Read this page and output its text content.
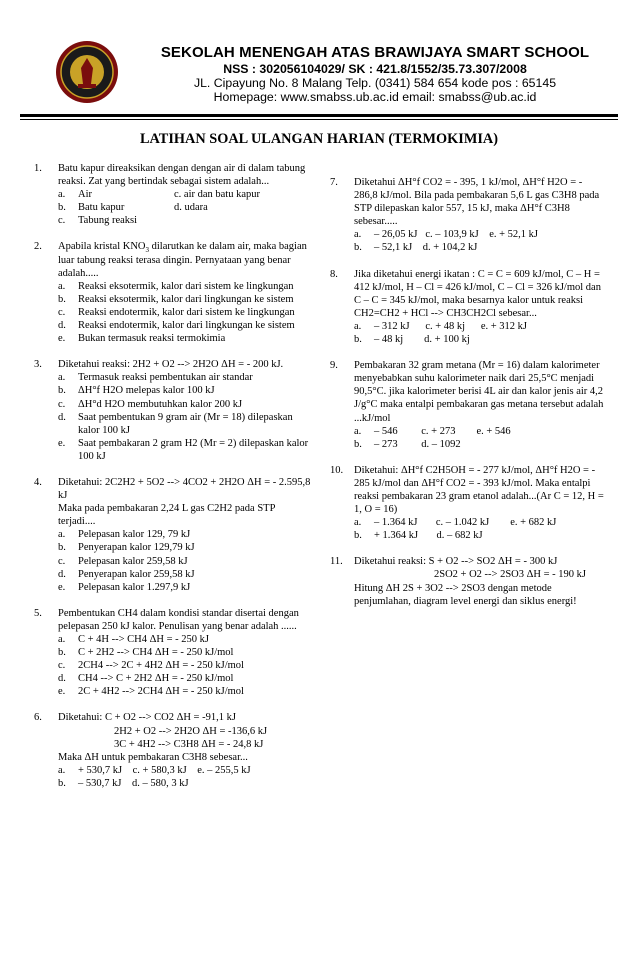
SEKOLAH MENENGAH ATAS BRAWIJAYA SMART SCHOOL
NSS : 302056104029/ SK : 421.8/1552/35.73.307/2008
JL. Cipayung No. 8 Malang Telp. (0341) 584 654 kode pos : 65145
Homepage: www.smabss.ub.ac.id email: smabss@ub.ac.id
LATIHAN SOAL ULANGAN HARIAN (TERMOKIMIA)
1. Batu kapur direaksikan dengan dengan air di dalam tabung reaksi. Zat yang bertindak sebagai sistem adalah...
a. Air	c. air dan batu kapur
b. Batu kapur	d. udara
c. Tabung reaksi
2. Apabila kristal $KNO_3$ dilarutkan ke dalam air, maka bagian luar tabung reaksi terasa dingin. Pernyataan yang benar adalah.....
a. Reaksi eksotermik, kalor dari sistem ke lingkungan
b. Reaksi eksotermik, kalor dari lingkungan ke sistem
c. Reaksi endotermik, kalor dari sistem ke lingkungan
d. Reaksi endotermik, kalor dari lingkungan ke sistem
e. Bukan termasuk reaksi termokimia
3. Diketahui reaksi: 2H2 + O2 --> 2H2O ΔH = - 200 kJ.
a. Termasuk reaksi pembentukan air standar
b. ΔH°f H2O melepas kalor 100 kJ
c. ΔH°d H2O membutuhkan kalor 200 kJ
d. Saat pembentukan 9 gram air (Mr = 18) dilepaskan kalor 100 kJ
e. Saat pembakaran 2 gram H2 (Mr = 2) dilepaskan kalor 100 kJ
4. Diketahui: 2C2H2 + 5O2 --> 4CO2 + 2H2O ΔH = - 2.595,8 kJ
Maka pada pembakaran 2,24 L gas C2H2 pada STP terjadi....
a. Pelepasan kalor 129, 79 kJ
b. Penyerapan kalor 129,79 kJ
c. Pelepasan kalor 259,58 kJ
d. Penyerapan kalor 259,58 kJ
e. Pelepasan kalor 1.297,9 kJ
5. Pembentukan CH4 dalam kondisi standar disertai dengan pelepasan 250 kJ kalor. Penulisan yang benar adalah ......
a. C + 4H --> CH4 ΔH = - 250 kJ
b. C + 2H2 --> CH4 ΔH = - 250 kJ/mol
c. 2CH4 --> 2C + 4H2 ΔH = - 250 kJ/mol
d. CH4 --> C + 2H2 ΔH = - 250 kJ/mol
e. 2C + 4H2 --> 2CH4 ΔH = - 250 kJ/mol
6. Diketahui: C + O2 --> CO2 ΔH = -91,1 kJ
2H2 + O2 --> 2H2O ΔH = -136,6 kJ
3C + 4H2 --> C3H8 ΔH = - 24,8 kJ
Maka ΔH untuk pembakaran C3H8 sebesar...
a. + 530,7 kJ c. + 580,3 kJ e. – 255,5 kJ
b. – 530,7 kJ d. – 580, 3 kJ
7. Diketahui ΔH°f CO2 = - 395, 1 kJ/mol, ΔH°f H2O = - 286,8 kJ/mol. Bila pada pembakaran 5,6 L gas C3H8 pada STP dilepaskan kalor 557, 15 kJ, maka ΔH°f C3H8 sebesar.....
a. – 26,05 kJ c. – 103,9 kJ e. + 52,1 kJ
b. – 52,1 kJ d. + 104,2 kJ
8. Jika diketahui energi ikatan : C = C = 609 kJ/mol, C – H = 412 kJ/mol, H – Cl = 426 kJ/mol, C – Cl = 326 kJ/mol dan C – C = 345 kJ/mol, maka besarnya kalor untuk reaksi CH2=CH2 + HCl --> CH3CH2Cl sebesar...
a. – 312 kJ c. + 48 kj e. + 312 kJ
b. – 48 kj d. + 100 kj
9. Pembakaran 32 gram metana (Mr = 16) dalam kalorimeter menyebabkan suhu kalorimeter naik dari 25,5°C menjadi 90,5°C. jika kalorimeter berisi 4L air dan kalor jenis air 4,2 J/g°C maka entalpi pembakaran gas metana tersebut adalah ...kJ/mol
a. – 546 c. + 273 e. + 546
b. – 273 d. – 1092
10. Diketahui: ΔH°f C2H5OH = - 277 kJ/mol, ΔH°f H2O = - 285 kJ/mol dan ΔH°f CO2 = - 393 kJ/mol. Maka entalpi reaksi pembakaran 23 gram etanol adalah...(Ar C = 12, H = 1, O = 16)
a. – 1.364 kJ c. – 1.042 kJ e. + 682 kJ
b. + 1.364 kJ d. – 682 kJ
11. Diketahui reaksi: S + O2 --> SO2 ΔH = - 300 kJ
2SO2 + O2 --> 2SO3 ΔH = - 190 kJ
Hitung ΔH 2S + 3O2 --> 2SO3 dengan metode penjumlahan, diagram level energi dan siklus energi!
